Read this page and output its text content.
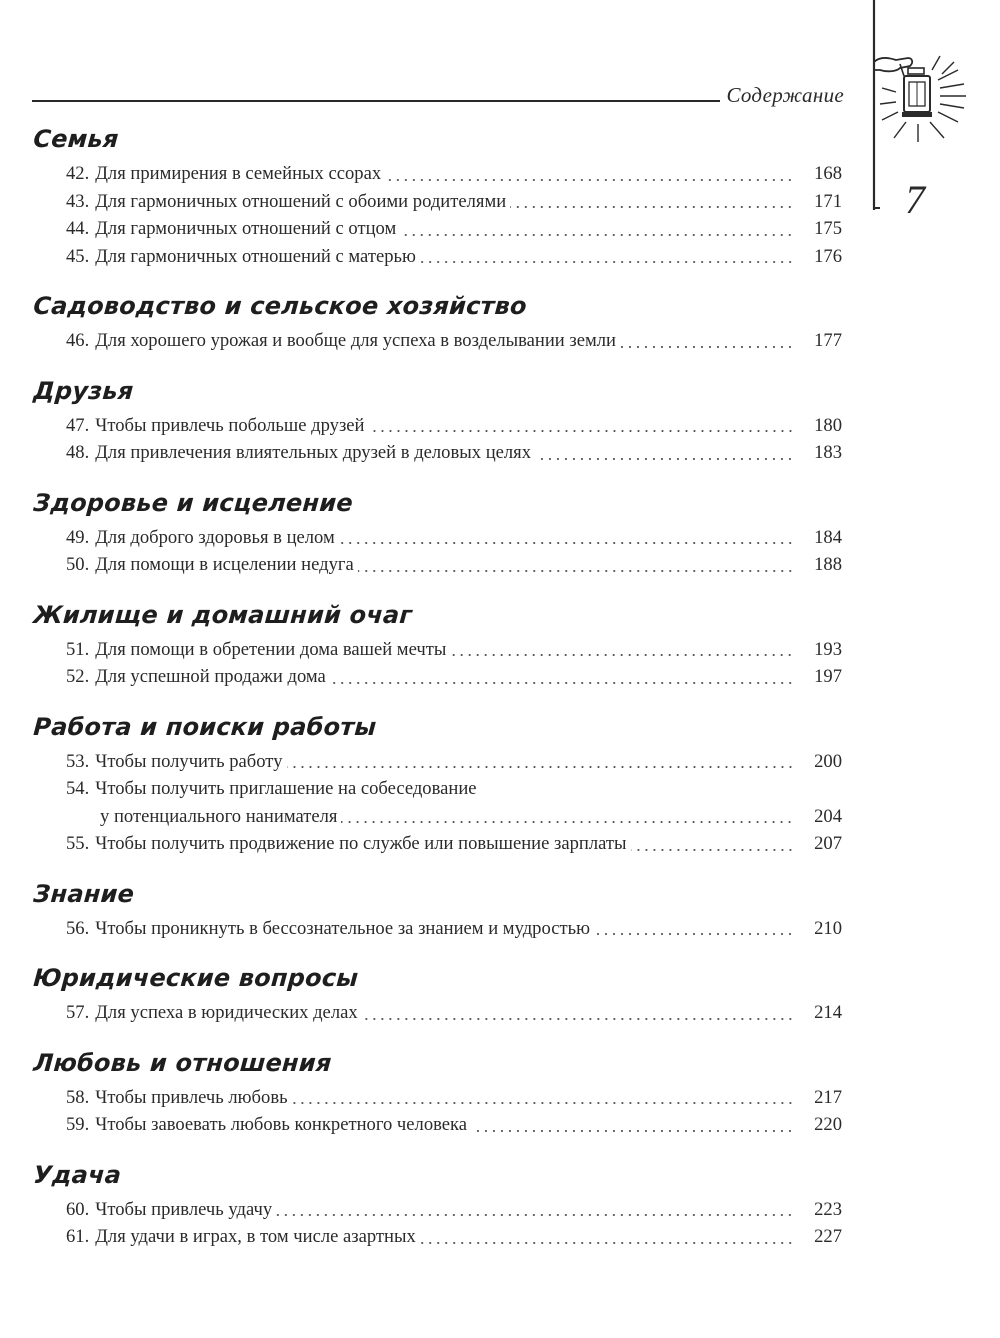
Содержание
7
Семья
42. Для примирения в семейных ссорах	168
43. Для гармоничных отношений с обоими родителями	171
44. Для гармоничных отношений с отцом	175
45. Для гармоничных отношений с матерью	176
Садоводство и сельское хозяйство
46. Для хорошего урожая и вообще для успеха в возделывании земли	177
Друзья
47. Чтобы привлечь побольше друзей	180
48. Для привлечения влиятельных друзей в деловых целях	183
Здоровье и исцеление
49. Для доброго здоровья в целом	184
50. Для помощи в исцелении недуга	188
Жилище и домашний очаг
51. Для помощи в обретении дома вашей мечты	193
52. Для успешной продажи дома	197
Работа и поиски работы
53. Чтобы получить работу	200
54. Чтобы получить приглашение на собеседование
у потенциального нанимателя	204
55. Чтобы получить продвижение по службе или повышение зарплаты	207
Знание
56. Чтобы проникнуть в бессознательное за знанием и мудростью	210
Юридические вопросы
57. Для успеха в юридических делах	214
Любовь и отношения
58. Чтобы привлечь любовь	217
59. Чтобы завоевать любовь конкретного человека	220
Удача
60. Чтобы привлечь удачу	223
61. Для удачи в играх, в том числе азартных	227
